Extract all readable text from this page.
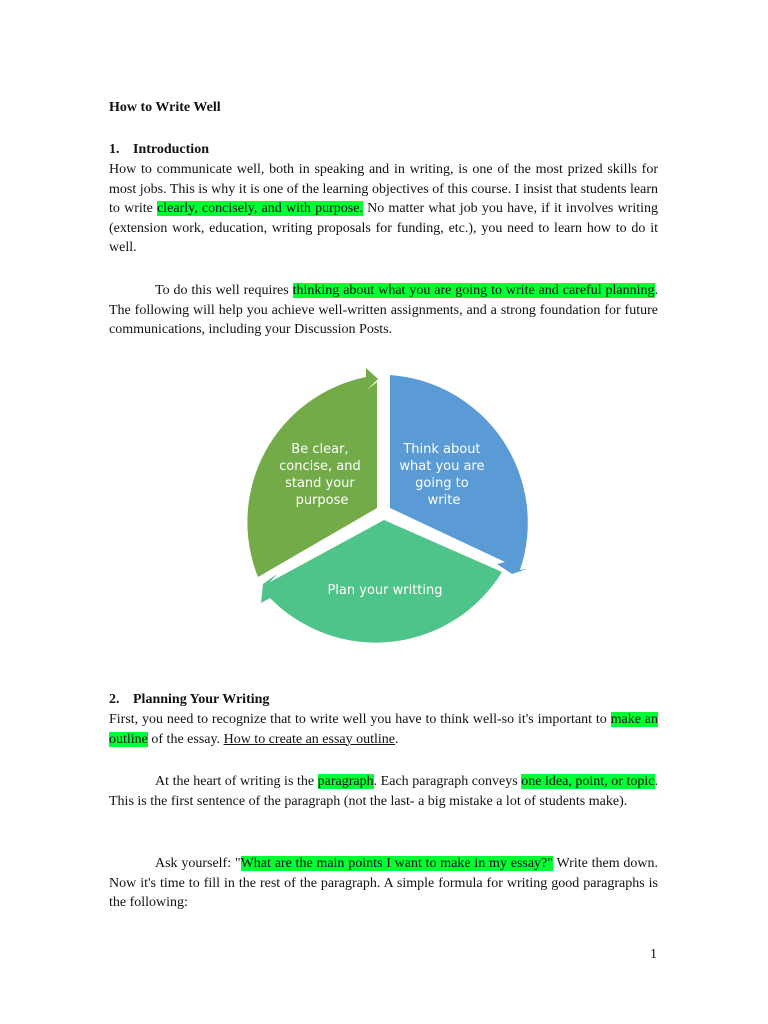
How to Write Well
1. Introduction

How to communicate well, both in speaking and in writing, is one of the most prized skills for most jobs. This is why it is one of the learning objectives of this course. I insist that students learn to write clearly, concisely, and with purpose. No matter what job you have, if it involves writing (extension work, education, writing proposals for funding, etc.), you need to learn how to do it well.

To do this well requires thinking about what you are going to write and careful planning. The following will help you achieve well-written assignments, and a strong foundation for future communications, including your Discussion Posts.

Think about what you are going to write
Plan your writting
Be clear, concise, and stand your purpose
2. Planning Your Writing

First, you need to recognize that to write well you have to think well-so it's important to make an outline of the essay. How to create an essay outline.

At the heart of writing is the paragraph. Each paragraph conveys one idea, point, or topic. This is the first sentence of the paragraph (not the last- a big mistake a lot of students make).

Ask yourself: "What are the main points I want to make in my essay?" Write them down. Now it's time to fill in the rest of the paragraph. A simple formula for writing good paragraphs is the following:

1
